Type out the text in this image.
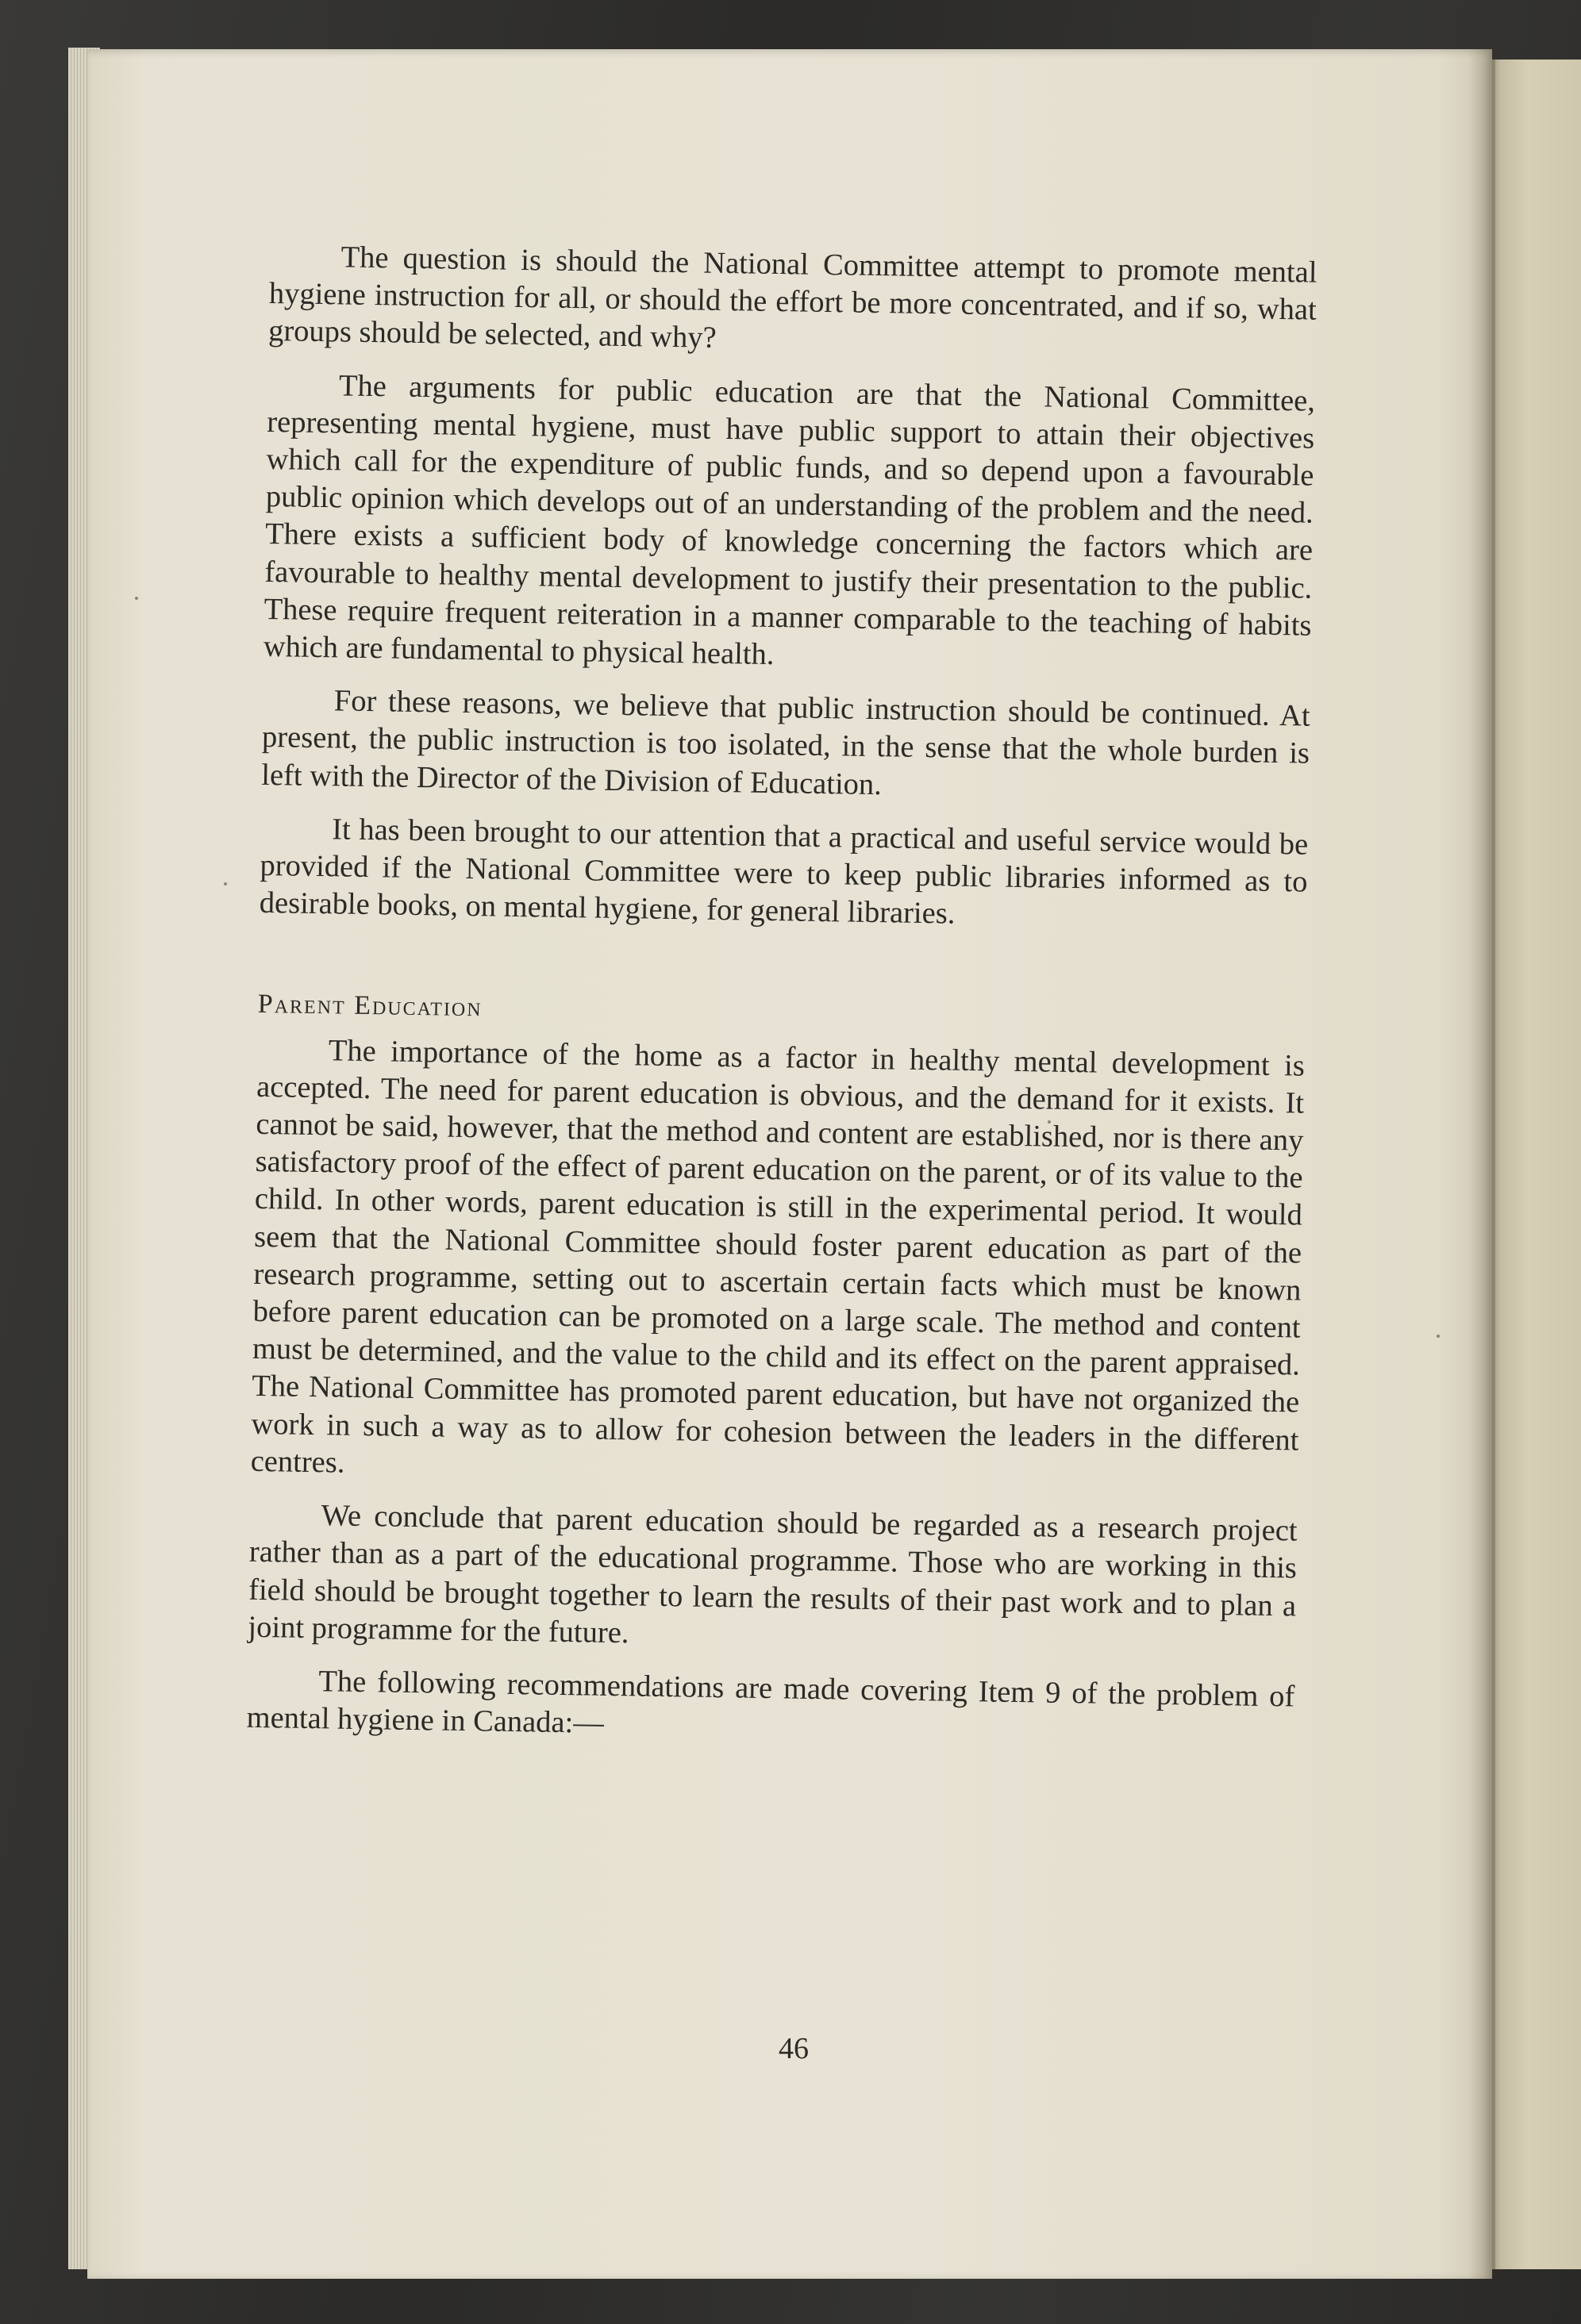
The question is should the National Committee attempt to promote mental hygiene instruction for all, or should the effort be more concentrated, and if so, what groups should be selected, and why?

The arguments for public education are that the National Committee, representing mental hygiene, must have public support to attain their objectives which call for the expenditure of public funds, and so depend upon a favourable public opinion which develops out of an understanding of the problem and the need. There exists a sufficient body of knowledge concerning the factors which are favourable to healthy mental development to justify their presentation to the public. These require frequent reiteration in a manner comparable to the teaching of habits which are fundamental to physical health.

For these reasons, we believe that public instruction should be continued. At present, the public instruction is too isolated, in the sense that the whole burden is left with the Director of the Division of Education.

It has been brought to our attention that a practical and useful service would be provided if the National Committee were to keep public libraries informed as to desirable books, on mental hygiene, for general libraries.

Parent Education

The importance of the home as a factor in healthy mental development is accepted. The need for parent education is obvious, and the demand for it exists. It cannot be said, however, that the method and content are established, nor is there any satisfactory proof of the effect of parent education on the parent, or of its value to the child. In other words, parent education is still in the experimental period. It would seem that the National Committee should foster parent education as part of the research programme, setting out to ascertain certain facts which must be known before parent education can be promoted on a large scale. The method and content must be determined, and the value to the child and its effect on the parent appraised. The National Committee has promoted parent education, but have not organized the work in such a way as to allow for cohesion between the leaders in the different centres.

We conclude that parent education should be regarded as a research project rather than as a part of the educational programme. Those who are working in this field should be brought together to learn the results of their past work and to plan a joint programme for the future.

The following recommendations are made covering Item 9 of the problem of mental hygiene in Canada:—

46
